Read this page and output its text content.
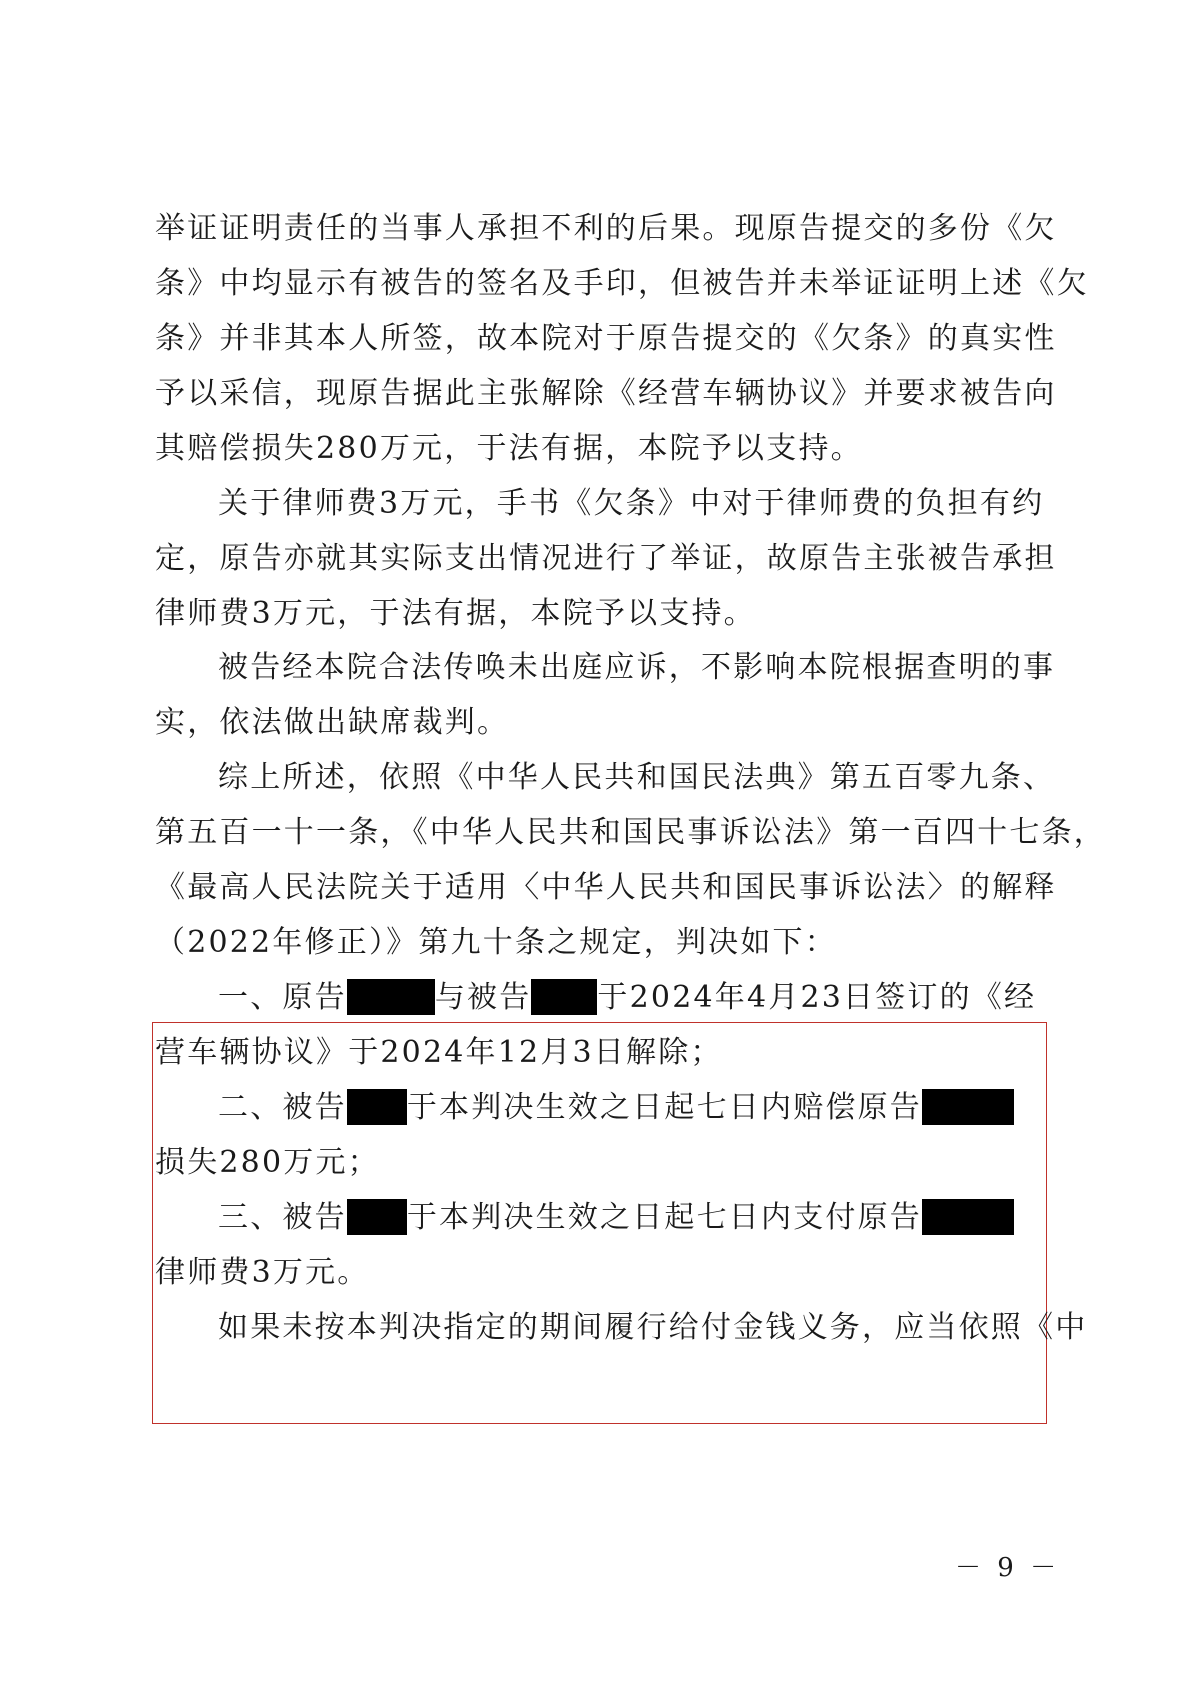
举证证明责任的当事人承担不利的后果。现原告提交的多份《欠
条》中均显示有被告的签名及手印，但被告并未举证证明上述《欠
条》并非其本人所签，故本院对于原告提交的《欠条》的真实性
予以采信，现原告据此主张解除《经营车辆协议》并要求被告向
其赔偿损失280万元，于法有据，本院予以支持。
关于律师费3万元，手书《欠条》中对于律师费的负担有约
定，原告亦就其实际支出情况进行了举证，故原告主张被告承担
律师费3万元，于法有据，本院予以支持。
被告经本院合法传唤未出庭应诉，不影响本院根据查明的事
实，依法做出缺席裁判。
综上所述，依照《中华人民共和国民法典》第五百零九条、
第五百一十一条，《中华人民共和国民事诉讼法》第一百四十七条，
《最高人民法院关于适用〈中华人民共和国民事诉讼法〉的解释
（2022年修正）》第九十条之规定，判决如下：
一、原告	与被告 于2024年4月23日签订的《经
营车辆协议》于2024年12月3日解除；
二、被告 于本判决生效之日起七日内赔偿原告
损失280万元；
三、被告 于本判决生效之日起七日内支付原告
律师费3万元。
如果未按本判决指定的期间履行给付金钱义务，应当依照《中
－ 9 －
